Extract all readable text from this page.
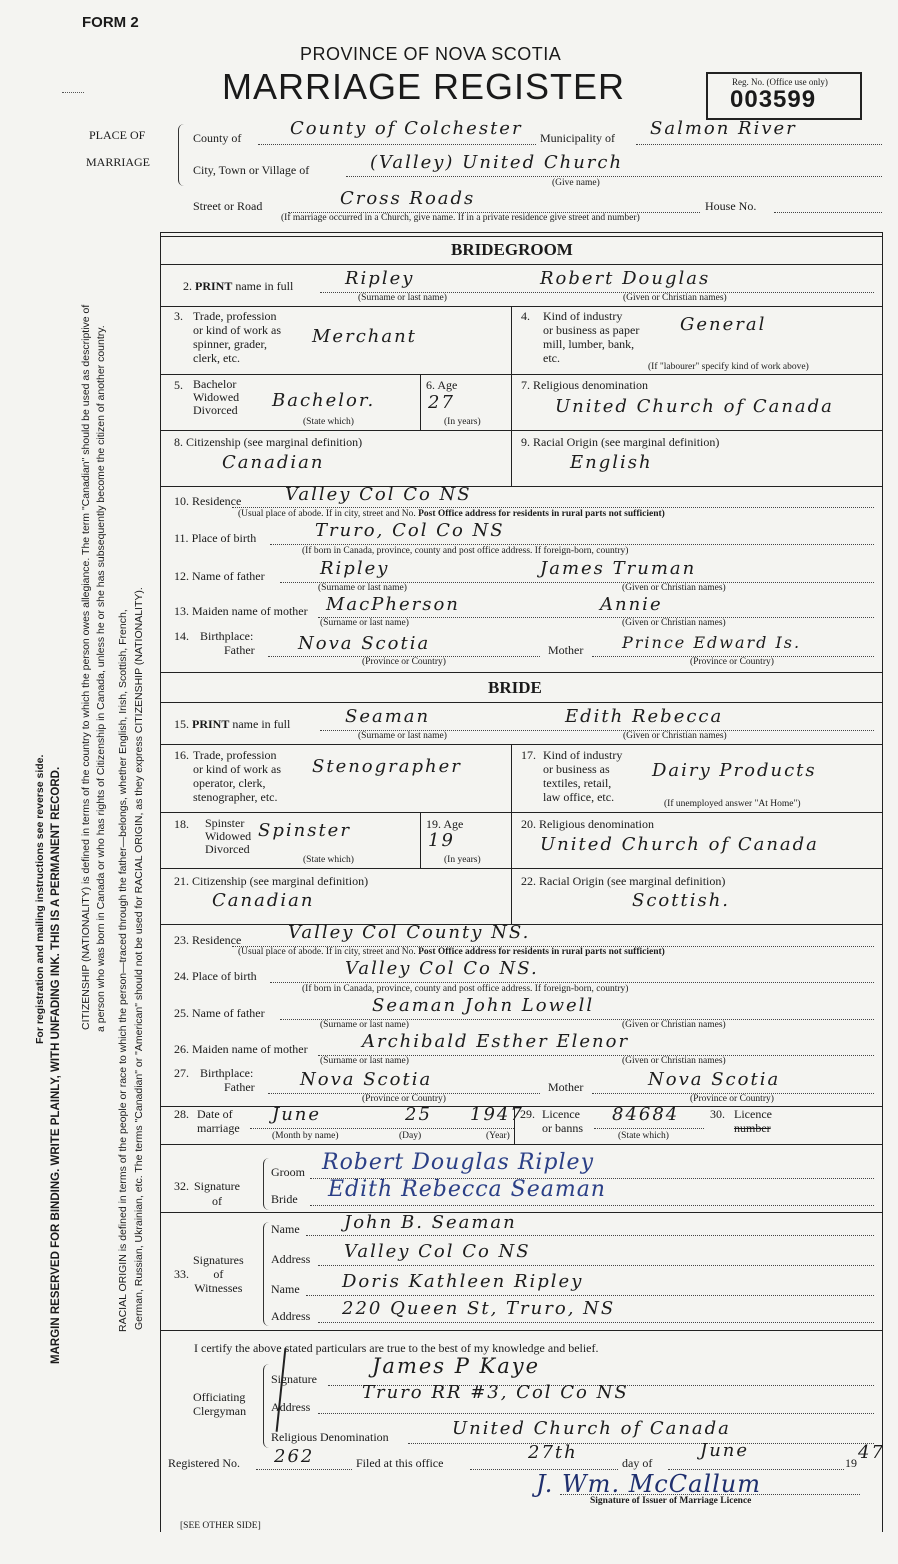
FORM 2
PROVINCE OF NOVA SCOTIA
MARRIAGE REGISTER	Reg. No. (Office use only)
003599
CITIZENSHIP (NATIONALITY) is defined in terms of the country to which the person owes allegiance. The term "Canadian" should be used as descriptive of a person who was born in Canada or who has rights of Citizenship in Canada, unless he or she has subsequently become the citizen of another country. RACIAL ORIGIN is defined in terms of the people or race to which the person—traced through the father—belongs, whether English, Irish, Scottish, French, German, Russian, Ukrainian, etc. The terms "Canadian" or "American" should not be used for RACIAL ORIGIN, as they express CITIZENSHIP (NATIONALITY).
MARGIN RESERVED FOR BINDING. WRITE PLAINLY, WITH UNFADING INK. THIS IS A PERMANENT RECORD.
For registration and mailing instructions see reverse side.
PLACE OF
MARRIAGE
County of	County of Colchester Municipality of Salmon River
City, Town or Village of	(Valley) United Church
(Give name)
Street or Road	Cross Roads	House No.
(If marriage occurred in a Church, give name. If in a private residence give street and number)
BRIDEGROOM
2. PRINT name in full	Ripley	Robert Douglas
(Surname or last name)	(Given or Christian names)
3. Trade, profession
or kind of work as
spinner, grader,
clerk, etc.
Merchant
4. Kind of industry
or business as paper
mill, lumber, bank,
etc.
General
(If "labourer" specify kind of work above)
5. Bachelor
Widowed
Divorced Bachelor.
(State which)
6. Age
27
(In years)
7. Religious denomination
United Church of Canada
8. Citizenship (see marginal definition)
Canadian
9. Racial Origin (see marginal definition)
English
10. Residence Valley Col Co NS
(Usual place of abode. If in city, street and No. Post Office address for residents in rural parts not sufficient)
11. Place of birth	Truro, Col Co NS
(If born in Canada, province, county and post office address. If foreign-born, country)
12. Name of father	Ripley	James Truman
(Surname or last name)	(Given or Christian names)
13. Maiden name of mother MacPherson	Annie
(Surname or last name)	(Given or Christian names)
14. Birthplace:
Father Nova Scotia	Mother Prince Edward Is.
(Province or Country)	(Province or Country)
BRIDE
15. PRINT name in full	Seaman	Edith Rebecca
(Surname or last name)	(Given or Christian names)
16. Trade, profession
or kind of work as
operator, clerk,
stenographer, etc.
Stenographer
17. Kind of industry
or business as
textiles, retail,
law office, etc.
Dairy Products
(If unemployed answer "At Home")
18. Spinster
Widowed
Divorced
Spinster
(State which)
19. Age
19
(In years)
20. Religious denomination
United Church of Canada
21. Citizenship (see marginal definition)
Canadian
22. Racial Origin (see marginal definition)
Scottish.
23. Residence	Valley Col County NS.
(Usual place of abode. If in city, street and No. Post Office address for residents in rural parts not sufficient)
24. Place of birth	Valley Col Co NS.
(If born in Canada, province, county and post office address. If foreign-born, country)
25. Name of father	Seaman John Lowell
(Surname or last name)	(Given or Christian names)
26. Maiden name of mother	Archibald Esther Elenor
(Surname or last name)	(Given or Christian names)
27. Birthplace:
Father	Nova Scotia	Mother	Nova Scotia
(Province or Country)	(Province or Country)
28. Date of
marriage
June	25 1947
(Month by name)	(Day)	(Year)
29. Licence
or banns
84684
(State which)
30. Licence
number
32. Signature
of
Groom Robert Douglas Ripley
Bride Edith Rebecca Seaman
33.
Signatures
of
Witnesses
Name John B. Seaman
Address Valley Col Co NS
Name Doris Kathleen Ripley
Address 220 Queen St, Truro, NS
I certify the above stated particulars are true to the best of my knowledge and belief.
Officiating
Clergyman
Signature
James P Kaye
Address
Truro RR #3, Col Co NS
Religious Denomination	United Church of Canada
Registered No. 262	Filed at this office	27th	day of
June
19 47
J. Wm. McCallum
Signature of Issuer of Marriage Licence
[SEE OTHER SIDE]
